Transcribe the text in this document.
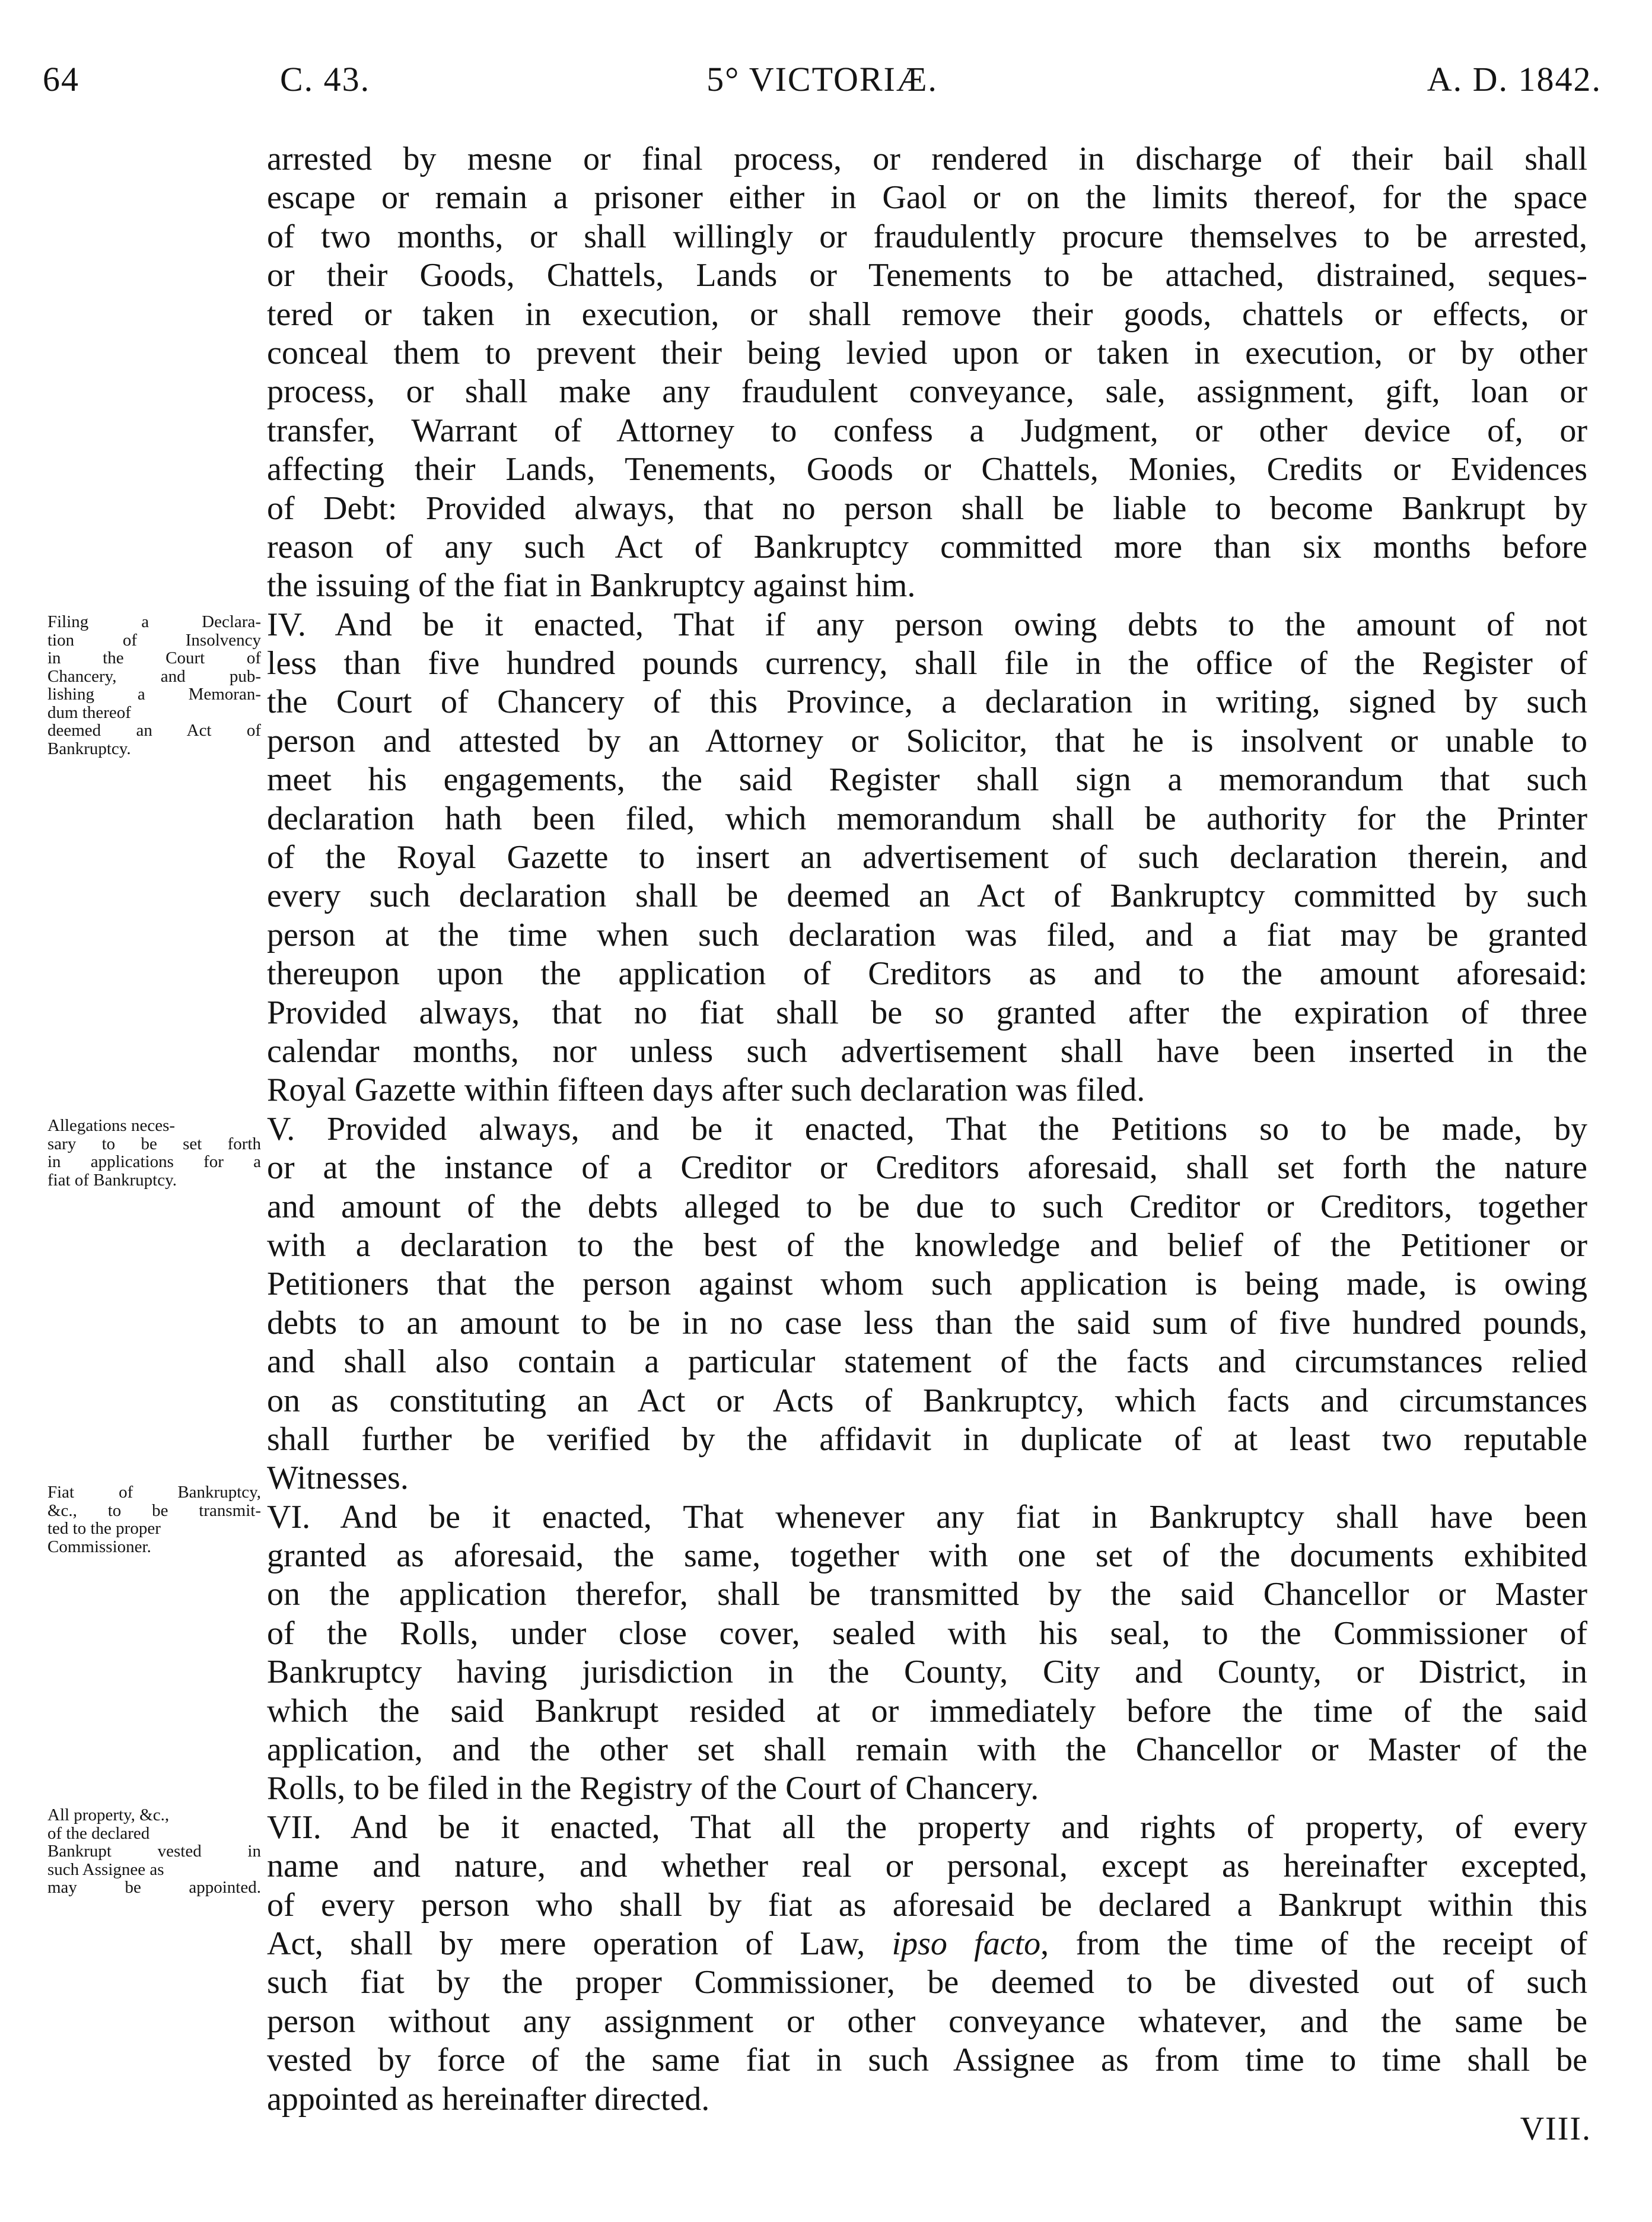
64	C. 43.	5° VICTORIÆ.	A. D. 1842.
Filing a Declara-
tion of Insolvency
in the Court of
Chancery, and pub-
lishing a Memoran-
dum thereof
deemed an Act of
Bankruptcy.
Allegations neces-
sary to be set forth
in applications for a
fiat of Bankruptcy.
Fiat of Bankruptcy,
&c., to be transmit-
ted to the proper
Commissioner.
All property, &c.,
of the declared
Bankrupt vested in
such Assignee as
may be appointed.
arrested by mesne or final process, or rendered in discharge of their bail shall
escape or remain a prisoner either in Gaol or on the limits thereof, for the space
of two months, or shall willingly or fraudulently procure themselves to be arrested,
or their Goods, Chattels, Lands or Tenements to be attached, distrained, seques-
tered or taken in execution, or shall remove their goods, chattels or effects, or
conceal them to prevent their being levied upon or taken in execution, or by other
process, or shall make any fraudulent conveyance, sale, assignment, gift, loan or
transfer, Warrant of Attorney to confess a Judgment, or other device of, or
affecting their Lands, Tenements, Goods or Chattels, Monies, Credits or Evidences
of Debt: Provided always, that no person shall be liable to become Bankrupt by
reason of any such Act of Bankruptcy committed more than six months before
the issuing of the fiat in Bankruptcy against him.
IV. And be it enacted, That if any person owing debts to the amount of not
less than five hundred pounds currency, shall file in the office of the Register of
the Court of Chancery of this Province, a declaration in writing, signed by such
person and attested by an Attorney or Solicitor, that he is insolvent or unable to
meet his engagements, the said Register shall sign a memorandum that such
declaration hath been filed, which memorandum shall be authority for the Printer
of the Royal Gazette to insert an advertisement of such declaration therein, and
every such declaration shall be deemed an Act of Bankruptcy committed by such
person at the time when such declaration was filed, and a fiat may be granted
thereupon upon the application of Creditors as and to the amount aforesaid:
Provided always, that no fiat shall be so granted after the expiration of three
calendar months, nor unless such advertisement shall have been inserted in the
Royal Gazette within fifteen days after such declaration was filed.
V. Provided always, and be it enacted, That the Petitions so to be made, by
or at the instance of a Creditor or Creditors aforesaid, shall set forth the nature
and amount of the debts alleged to be due to such Creditor or Creditors, together
with a declaration to the best of the knowledge and belief of the Petitioner or
Petitioners that the person against whom such application is being made, is owing
debts to an amount to be in no case less than the said sum of five hundred pounds,
and shall also contain a particular statement of the facts and circumstances relied
on as constituting an Act or Acts of Bankruptcy, which facts and circumstances
shall further be verified by the affidavit in duplicate of at least two reputable
Witnesses.
VI. And be it enacted, That whenever any fiat in Bankruptcy shall have been
granted as aforesaid, the same, together with one set of the documents exhibited
on the application therefor, shall be transmitted by the said Chancellor or Master
of the Rolls, under close cover, sealed with his seal, to the Commissioner of
Bankruptcy having jurisdiction in the County, City and County, or District, in
which the said Bankrupt resided at or immediately before the time of the said
application, and the other set shall remain with the Chancellor or Master of the
Rolls, to be filed in the Registry of the Court of Chancery.
VII. And be it enacted, That all the property and rights of property, of every
name and nature, and whether real or personal, except as hereinafter excepted,
of every person who shall by fiat as aforesaid be declared a Bankrupt within this
Act, shall by mere operation of Law, ipso facto, from the time of the receipt of
such fiat by the proper Commissioner, be deemed to be divested out of such
person without any assignment or other conveyance whatever, and the same be
vested by force of the same fiat in such Assignee as from time to time shall be
appointed as hereinafter directed.
VIII.
